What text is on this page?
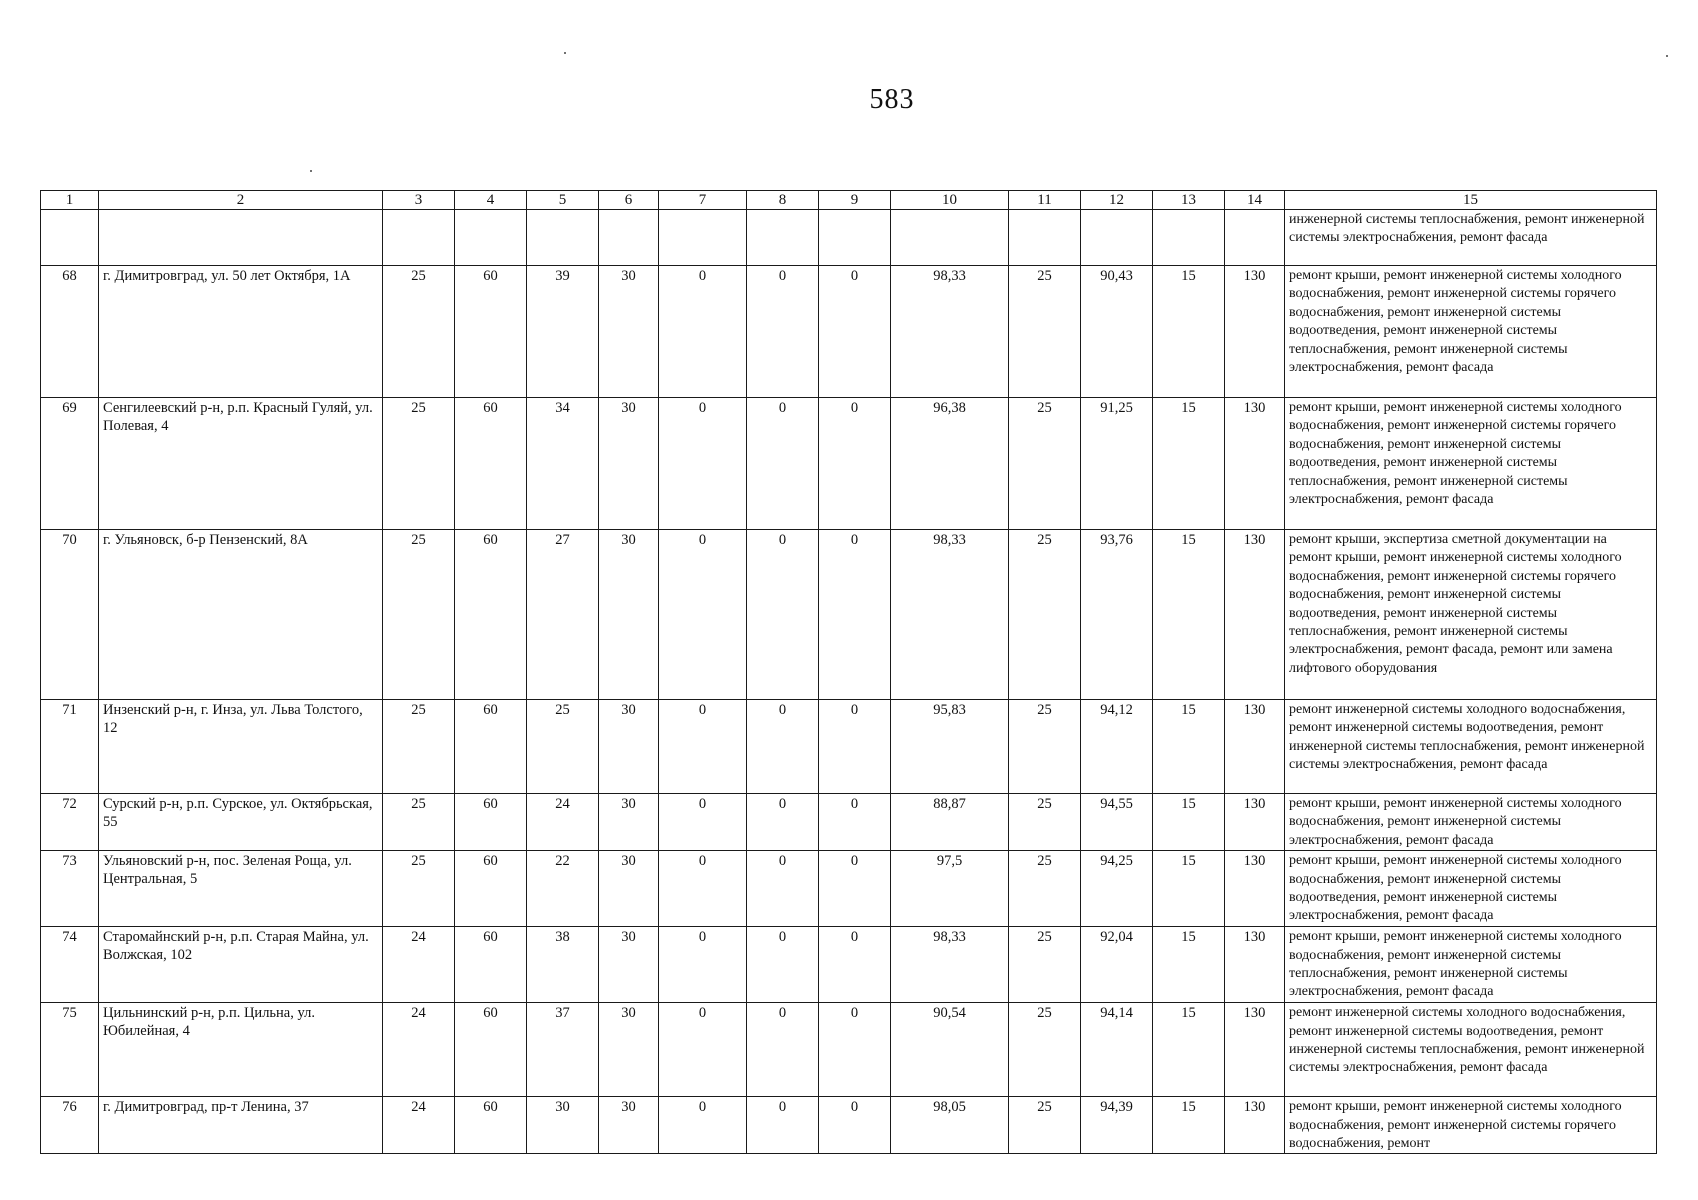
583
1	2	3	4	5	6	7	8	9	10	11	12	13	14	15
														инженерной системы теплоснабжения, ремонт инженерной системы электроснабжения, ремонт фасада
68	г. Димитровград, ул. 50 лет Октября, 1А	25	60	39	30	0	0	0	98,33	25	90,43	15	130	ремонт крыши, ремонт инженерной системы холодного водоснабжения, ремонт инженерной системы горячего водоснабжения, ремонт инженерной системы водоотведения, ремонт инженерной системы теплоснабжения, ремонт инженерной системы электроснабжения, ремонт фасада
69	Сенгилеевский р-н, р.п. Красный Гуляй, ул. Полевая, 4	25	60	34	30	0	0	0	96,38	25	91,25	15	130	ремонт крыши, ремонт инженерной системы холодного водоснабжения, ремонт инженерной системы горячего водоснабжения, ремонт инженерной системы водоотведения, ремонт инженерной системы теплоснабжения, ремонт инженерной системы электроснабжения, ремонт фасада
70	г. Ульяновск, б-р Пензенский, 8А	25	60	27	30	0	0	0	98,33	25	93,76	15	130	ремонт крыши, экспертиза сметной документации на ремонт крыши, ремонт инженерной системы холодного водоснабжения, ремонт инженерной системы горячего водоснабжения, ремонт инженерной системы водоотведения, ремонт инженерной системы теплоснабжения, ремонт инженерной системы электроснабжения, ремонт фасада, ремонт или замена лифтового оборудования
71	Инзенский р-н, г. Инза, ул. Льва Толстого, 12	25	60	25	30	0	0	0	95,83	25	94,12	15	130	ремонт инженерной системы холодного водоснабжения, ремонт инженерной системы водоотведения, ремонт инженерной системы теплоснабжения, ремонт инженерной системы электроснабжения, ремонт фасада
72	Сурский р-н, р.п. Сурское, ул. Октябрьская, 55	25	60	24	30	0	0	0	88,87	25	94,55	15	130	ремонт крыши, ремонт инженерной системы холодного водоснабжения, ремонт инженерной системы электроснабжения, ремонт фасада
73	Ульяновский р-н, пос. Зеленая Роща, ул. Центральная, 5	25	60	22	30	0	0	0	97,5	25	94,25	15	130	ремонт крыши, ремонт инженерной системы холодного водоснабжения, ремонт инженерной системы водоотведения, ремонт инженерной системы электроснабжения, ремонт фасада
74	Старомайнский р-н, р.п. Старая Майна, ул. Волжская, 102	24	60	38	30	0	0	0	98,33	25	92,04	15	130	ремонт крыши, ремонт инженерной системы холодного водоснабжения, ремонт инженерной системы теплоснабжения, ремонт инженерной системы электроснабжения, ремонт фасада
75	Цильнинский р-н, р.п. Цильна, ул. Юбилейная, 4	24	60	37	30	0	0	0	90,54	25	94,14	15	130	ремонт инженерной системы холодного водоснабжения, ремонт инженерной системы водоотведения, ремонт инженерной системы теплоснабжения, ремонт инженерной системы электроснабжения, ремонт фасада
76	г. Димитровград, пр-т Ленина, 37	24	60	30	30	0	0	0	98,05	25	94,39	15	130	ремонт крыши, ремонт инженерной системы холодного водоснабжения, ремонт инженерной системы горячего водоснабжения, ремонт
